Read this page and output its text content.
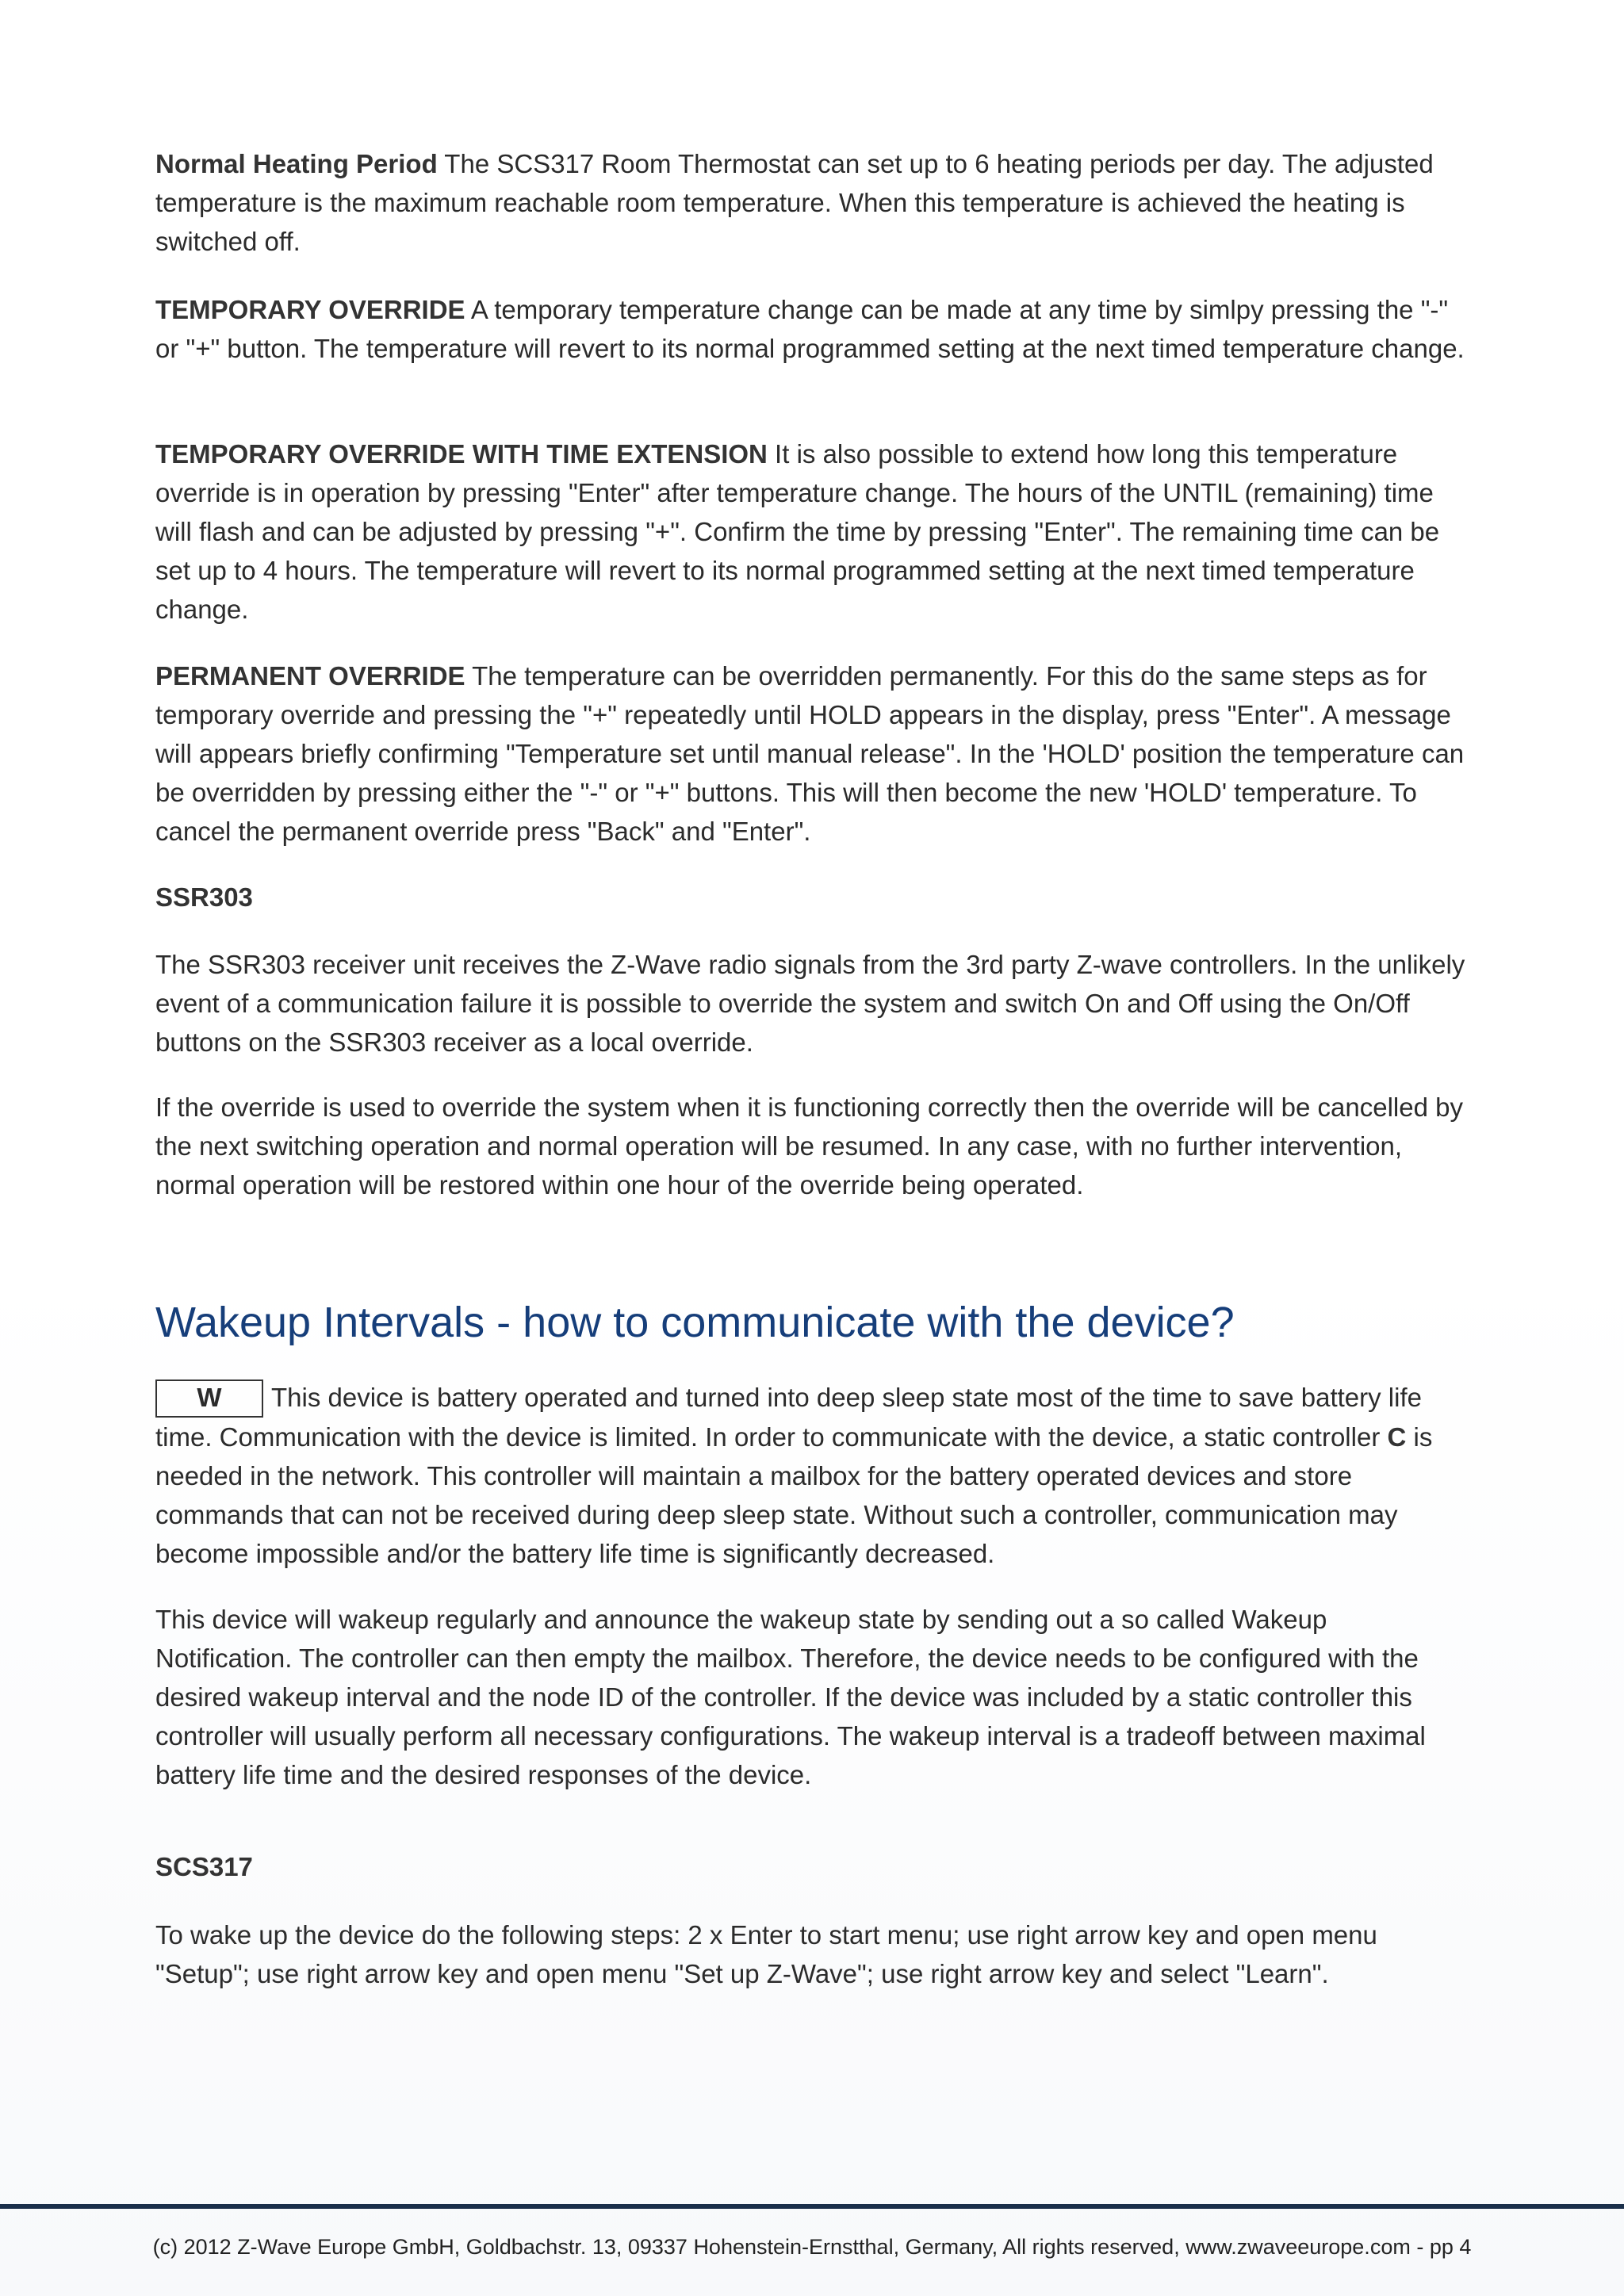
Normal Heating Period The SCS317 Room Thermostat can set up to 6 heating periods per day. The adjusted temperature is the maximum reachable room temperature. When this temperature is achieved the heating is switched off.

TEMPORARY OVERRIDE A temporary temperature change can be made at any time by simlpy pressing the "-" or "+" button. The temperature will revert to its normal programmed setting at the next timed temperature change.

TEMPORARY OVERRIDE WITH TIME EXTENSION It is also possible to extend how long this temperature override is in operation by pressing "Enter" after temperature change. The hours of the UNTIL (remaining) time will flash and can be adjusted by pressing "+". Confirm the time by pressing "Enter". The remaining time can be set up to 4 hours. The temperature will revert to its normal programmed setting at the next timed temperature change.

PERMANENT OVERRIDE The temperature can be overridden permanently. For this do the same steps as for temporary override and pressing the "+" repeatedly until HOLD appears in the display, press "Enter". A message will appears briefly confirming "Temperature set until manual release". In the 'HOLD' position the temperature can be overridden by pressing either the "-" or "+" buttons. This will then become the new 'HOLD' temperature. To cancel the permanent override press "Back" and "Enter".

SSR303

The SSR303 receiver unit receives the Z-Wave radio signals from the 3rd party Z-wave controllers. In the unlikely event of a communication failure it is possible to override the system and switch On and Off using the On/Off buttons on the SSR303 receiver as a local override.

If the override is used to override the system when it is functioning correctly then the override will be cancelled by the next switching operation and normal operation will be resumed. In any case, with no further intervention, normal operation will be restored within one hour of the override being operated.

Wakeup Intervals - how to communicate with the device?

W This device is battery operated and turned into deep sleep state most of the time to save battery life time. Communication with the device is limited. In order to communicate with the device, a static controller C is needed in the network. This controller will maintain a mailbox for the battery operated devices and store commands that can not be received during deep sleep state. Without such a controller, communication may become impossible and/or the battery life time is significantly decreased.

This device will wakeup regularly and announce the wakeup state by sending out a so called Wakeup Notification. The controller can then empty the mailbox. Therefore, the device needs to be configured with the desired wakeup interval and the node ID of the controller. If the device was included by a static controller this controller will usually perform all necessary configurations. The wakeup interval is a tradeoff between maximal battery life time and the desired responses of the device.

SCS317

To wake up the device do the following steps: 2 x Enter to start menu; use right arrow key and open menu "Setup"; use right arrow key and open menu "Set up Z-Wave"; use right arrow key and select "Learn".

(c) 2012 Z-Wave Europe GmbH, Goldbachstr. 13, 09337 Hohenstein-Ernstthal, Germany, All rights reserved, www.zwaveeurope.com - pp 4
